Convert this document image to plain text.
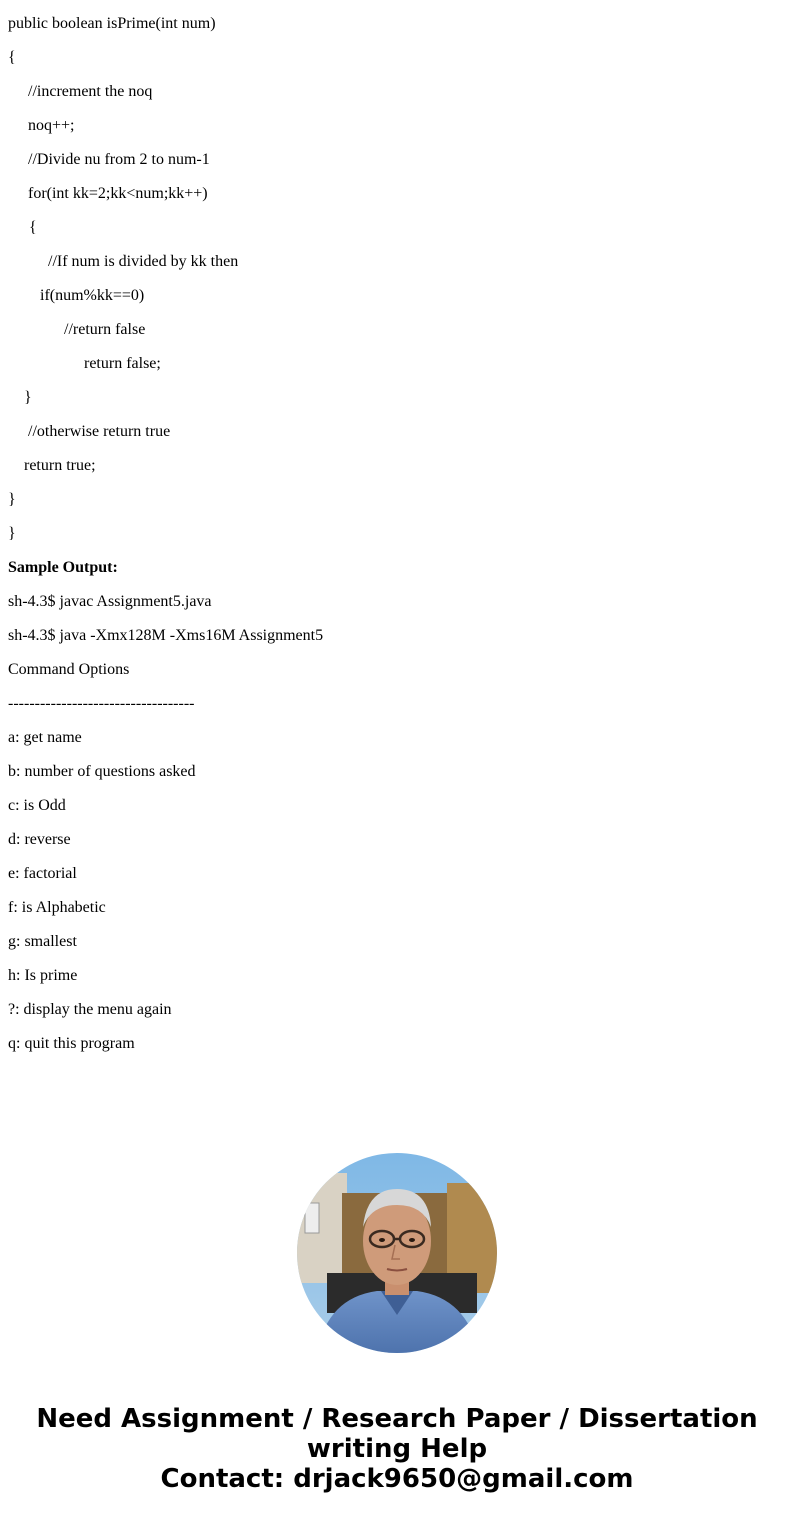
public boolean isPrime(int num)
{
//increment the noq
noq++;
//Divide nu from 2 to num-1
for(int kk=2;kk<num;kk++)
{
//If num is divided by kk then
if(num%kk==0)
//return false
return false;
}
//otherwise return true
return true;
}
}
Sample Output:
sh-4.3$ javac Assignment5.java
sh-4.3$ java -Xmx128M -Xms16M Assignment5
Command Options
-----------------------------------
a: get name
b: number of questions asked
c: is Odd
d: reverse
e: factorial
f: is Alphabetic
g: smallest
h: Is prime
?: display the menu again
q: quit this program
Need Assignment / Research Paper / Dissertation
writing Help
Contact: drjack9650@gmail.com
